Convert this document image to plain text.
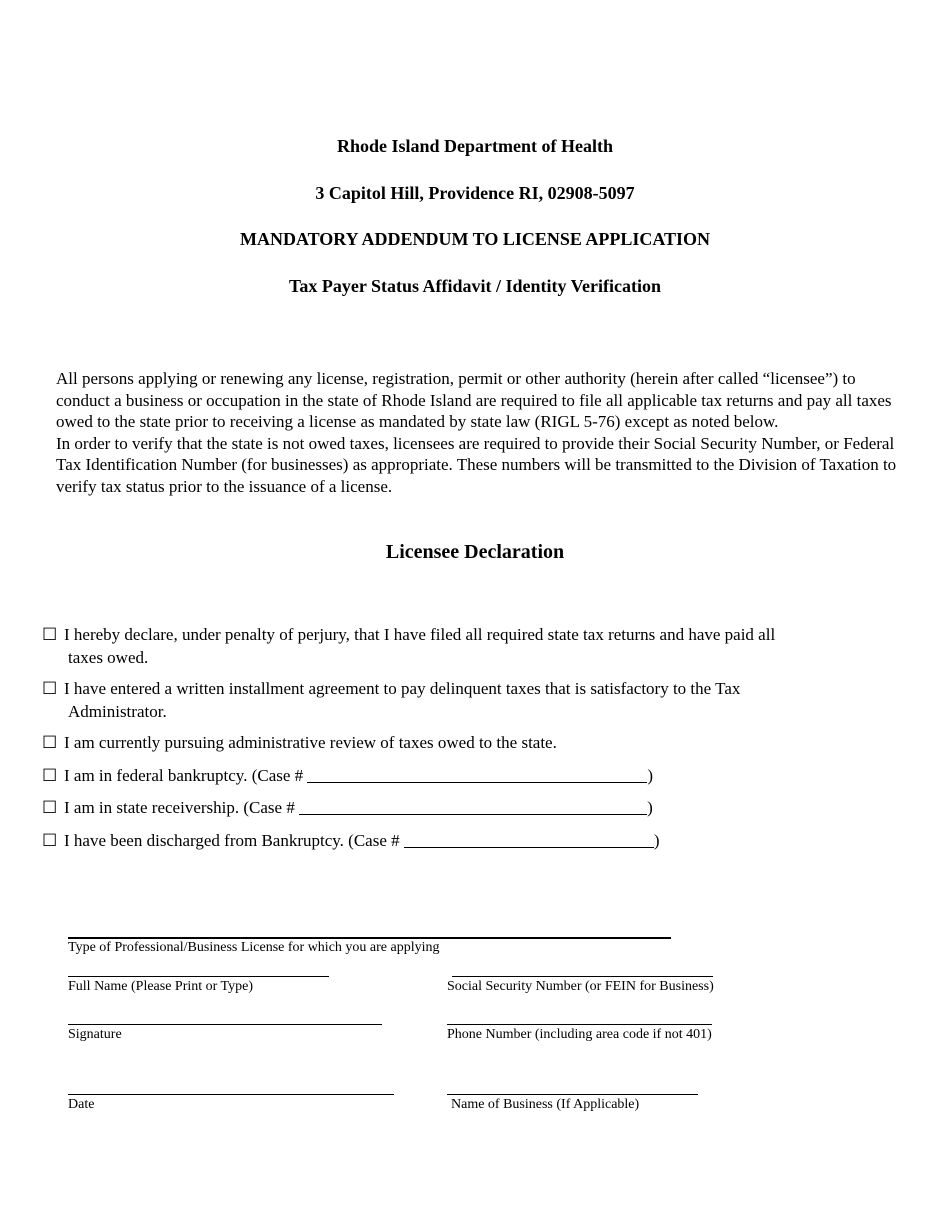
Rhode Island Department of Health
3 Capitol Hill, Providence RI, 02908-5097
MANDATORY ADDENDUM TO LICENSE APPLICATION
Tax Payer Status Affidavit / Identity Verification

All persons applying or renewing any license, registration, permit or other authority (herein after called “licensee”) to conduct a business or occupation in the state of Rhode Island are required to file all applicable tax returns and pay all taxes owed to the state prior to receiving a license as mandated by state law (RIGL 5-76) except as noted below.

In order to verify that the state is not owed taxes, licensees are required to provide their Social Security Number, or Federal Tax Identification Number (for businesses) as appropriate. These numbers will be transmitted to the Division of Taxation to verify tax status prior to the issuance of a license.

Licensee Declaration
☐ I hereby declare, under penalty of perjury, that I have filed all required state tax returns and have paid all
taxes owed.
☐ I have entered a written installment agreement to pay delinquent taxes that is satisfactory to the Tax
Administrator.
☐ I am currently pursuing administrative review of taxes owed to the state.
☐ I am in federal bankruptcy. (Case #	)
☐ I am in state receivership. (Case #	)
☐ I have been discharged from Bankruptcy. (Case #	)
Type of Professional/Business License for which you are applying
Full Name (Please Print or Type)	Social Security Number (or FEIN for Business)
Signature	Phone Number (including area code if not 401)
Date	Name of Business (If Applicable)
